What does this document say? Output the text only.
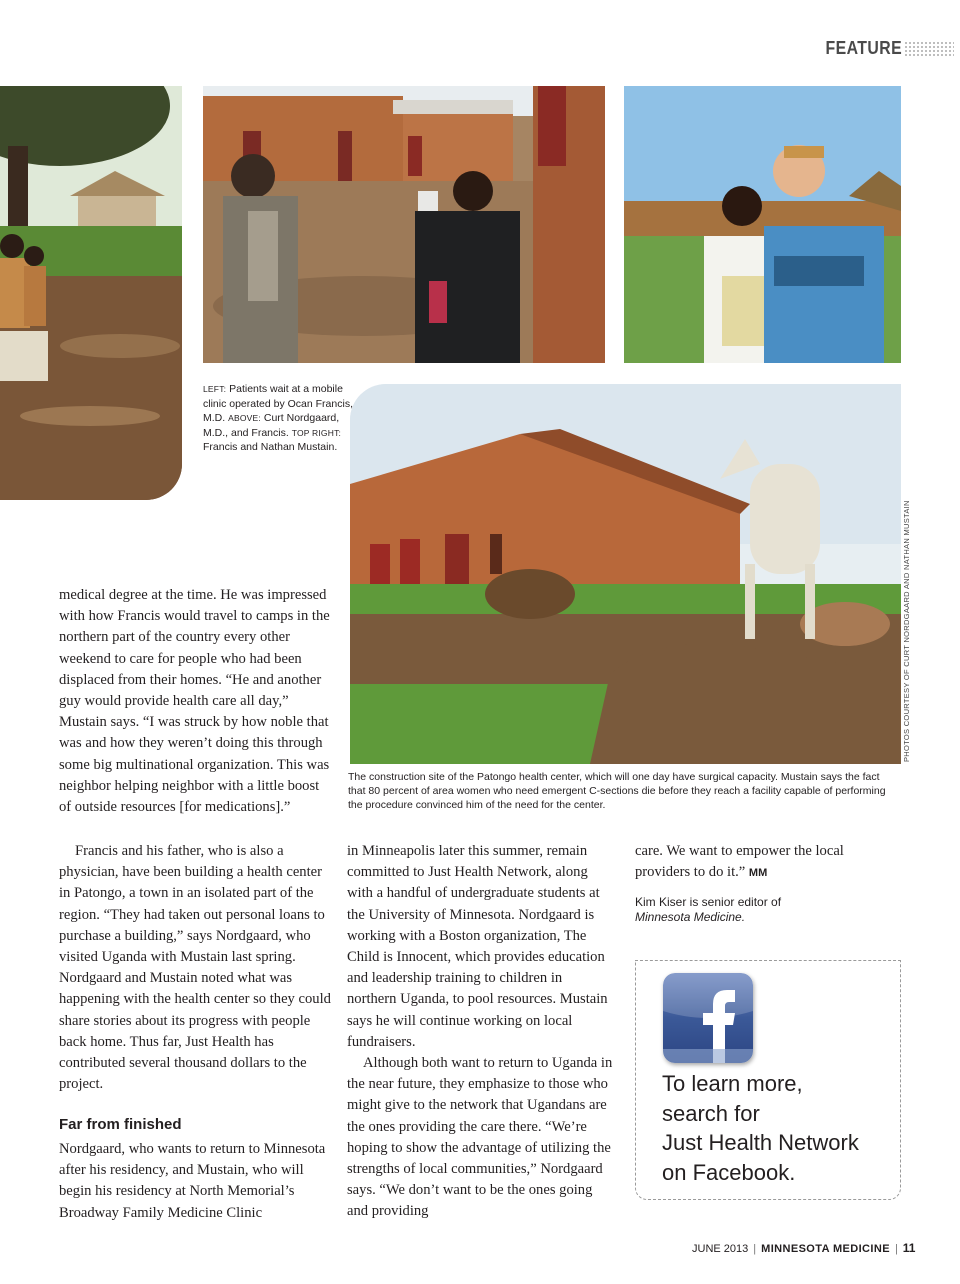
FEATURE
LEFT: Patients wait at a mobile clinic operated by Ocan Francis, M.D. ABOVE: Curt Nordgaard, M.D., and Francis. TOP RIGHT: Francis and Nathan Mustain.
PHOTOS COURTESY OF CURT NORDGAARD AND NATHAN MUSTAIN
The construction site of the Patongo health center, which will one day have surgical capacity. Mustain says the fact that 80 percent of area women who need emergent C-sections die before they reach a facility capable of performing the procedure convinced him of the need for the center.
medical degree at the time. He was impressed with how Francis would travel to camps in the northern part of the country every other weekend to care for people who had been displaced from their homes. “He and another guy would provide health care all day,” Mustain says. “I was struck by how noble that was and how they weren’t doing this through some big multinational organization. This was neighbor helping neighbor with a little boost of outside resources [for medications].”
Francis and his father, who is also a physician, have been building a health center in Patongo, a town in an isolated part of the region. “They had taken out personal loans to purchase a building,” says Nordgaard, who visited Uganda with Mustain last spring. Nordgaard and Mustain noted what was happening with the health center so they could share stories about its progress with people back home. Thus far, Just Health has contributed several thousand dollars to the project.
Far from finished
Nordgaard, who wants to return to Minnesota after his residency, and Mustain, who will begin his residency at North Memorial’s Broadway Family Medicine Clinic

in Minneapolis later this summer, remain committed to Just Health Network, along with a handful of undergraduate students at the University of Minnesota. Nordgaard is working with a Boston organization, The Child is Innocent, which provides education and leadership training to children in northern Uganda, to pool resources. Mustain says he will continue working on local fundraisers.

Although both want to return to Uganda in the near future, they emphasize to those who might give to the network that Ugandans are the ones providing the care there. “We’re hoping to show the advantage of utilizing the strengths of local communities,” Nordgaard says. “We don’t want to be the ones going and providing

care. We want to empower the local providers to do it.” MM
Kim Kiser is senior editor of
Minnesota Medicine.
To learn more,
search for
Just Health Network
on Facebook.
JUNE 2013 | MINNESOTA MEDICINE | 11
